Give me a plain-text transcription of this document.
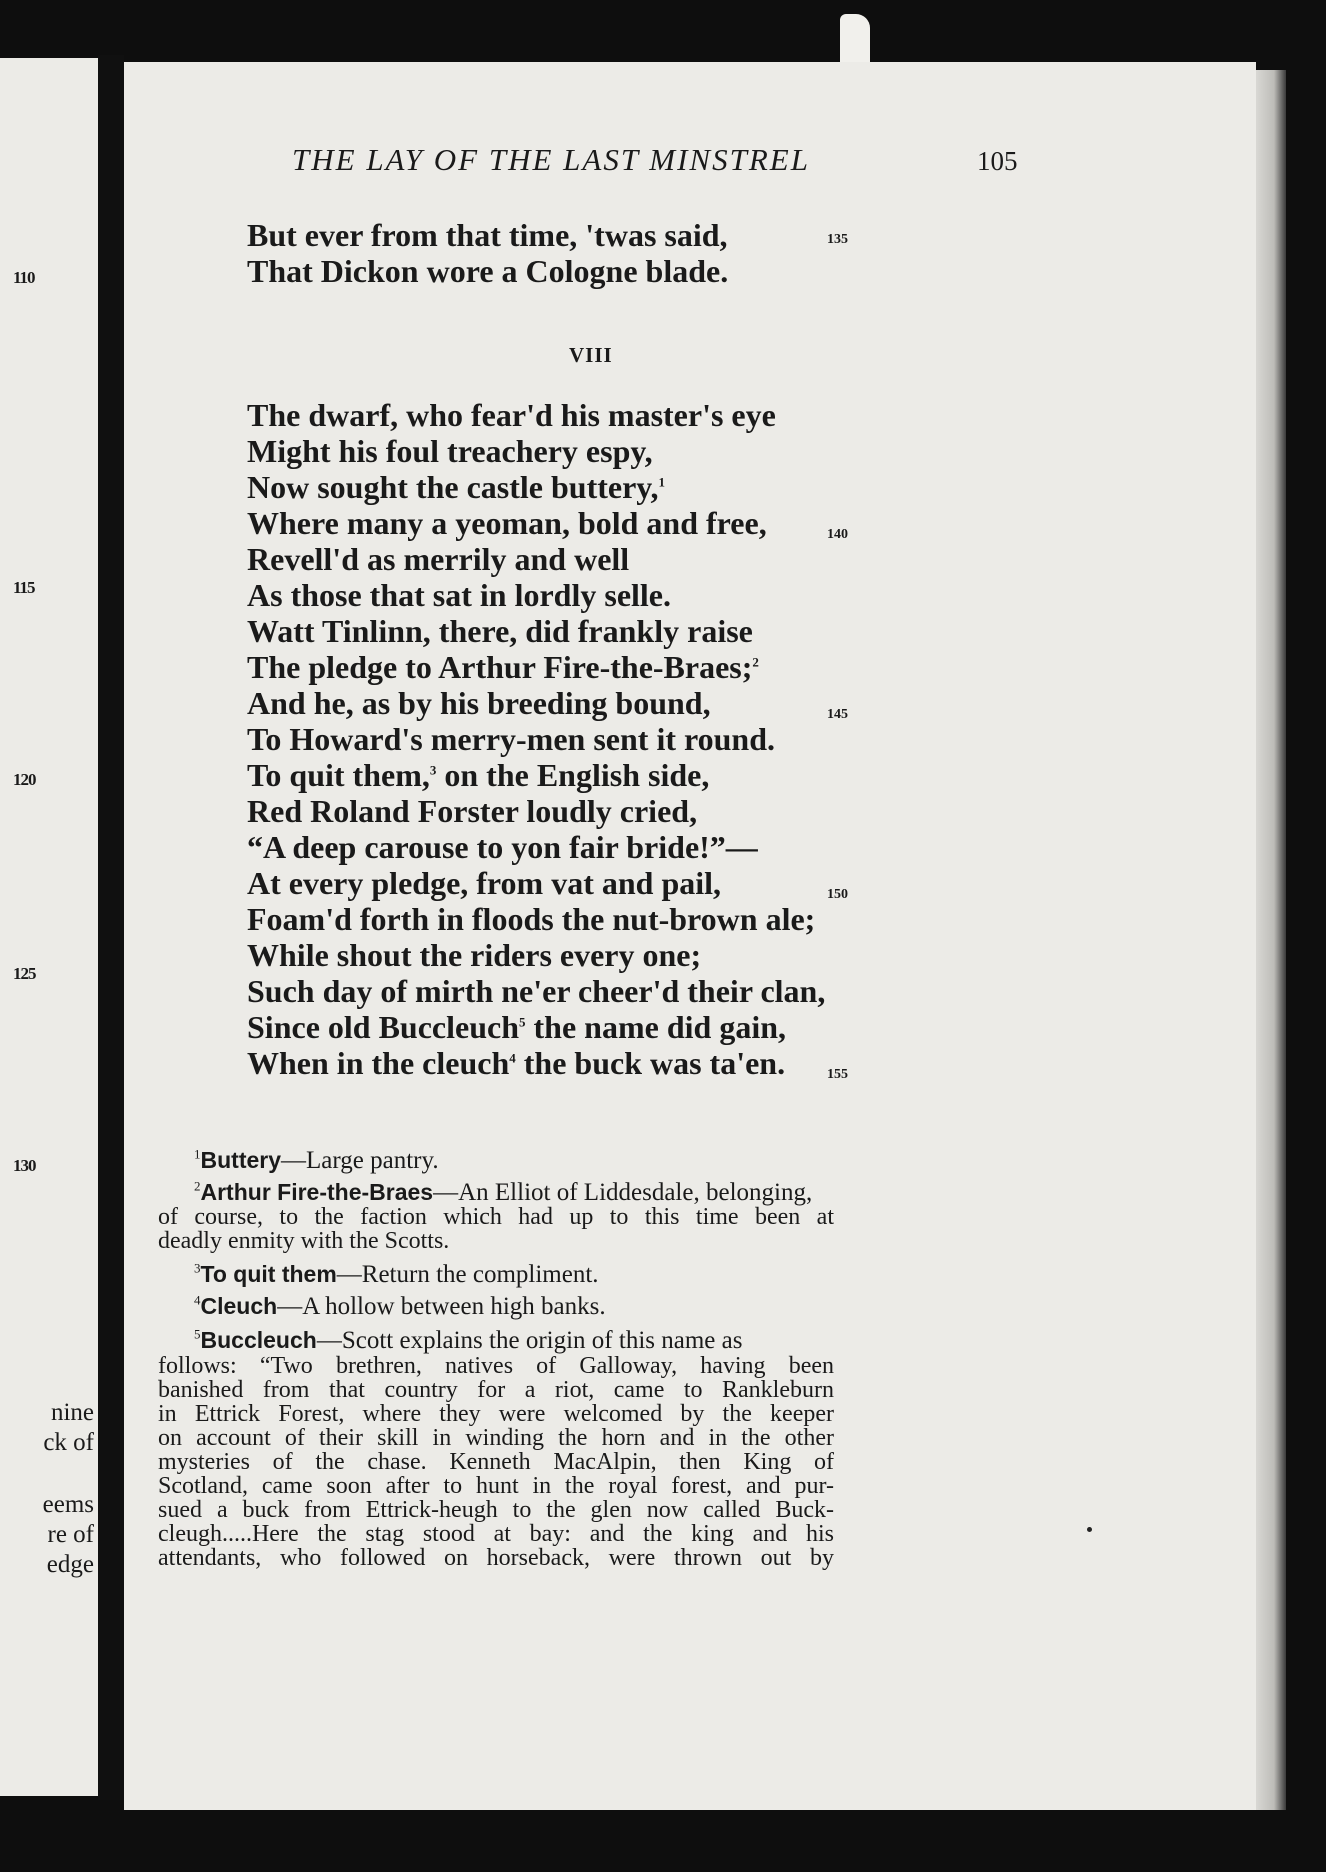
110
115
120
125
130
nine
ck of
eems
re of
edge
THE LAY OF THE LAST MINSTREL	105
But ever from that time, 'twas said,
That Dickon wore a Cologne blade.
135
VIII
The dwarf, who fear'd his master's eye
Might his foul treachery espy,
Now sought the castle buttery,$^1$
Where many a yeoman, bold and free,	140
Revell'd as merrily and well
As those that sat in lordly selle.
Watt Tinlinn, there, did frankly raise
The pledge to Arthur Fire-the-Braes;$^2$
And he, as by his breeding bound,	145
To Howard's merry-men sent it round.
To quit them,$^3$ on the English side,
Red Roland Forster loudly cried,
“A deep carouse to yon fair bride!”—
At every pledge, from vat and pail,	150
Foam'd forth in floods the nut-brown ale;
While shout the riders every one;
Such day of mirth ne'er cheer'd their clan,
Since old Buccleuch$^5$ the name did gain,
When in the cleuch$^4$ the buck was ta'en.	155
$^1$Buttery—Large pantry.
$^2$Arthur Fire-the-Braes—An Elliot of Liddesdale, belonging,
of course, to the faction which had up to this time been at
deadly enmity with the Scotts.
$^3$To quit them—Return the compliment.
$^4$Cleuch—A hollow between high banks.
$^5$Buccleuch—Scott explains the origin of this name as
follows: “Two brethren, natives of Galloway, having been
banished from that country for a riot, came to Rankleburn
in Ettrick Forest, where they were welcomed by the keeper
on account of their skill in winding the horn and in the other
mysteries of the chase. Kenneth MacAlpin, then King of
Scotland, came soon after to hunt in the royal forest, and pur-
sued a buck from Ettrick-heugh to the glen now called Buck-
cleugh.....Here the stag stood at bay: and the king and his
attendants, who followed on horseback, were thrown out by
